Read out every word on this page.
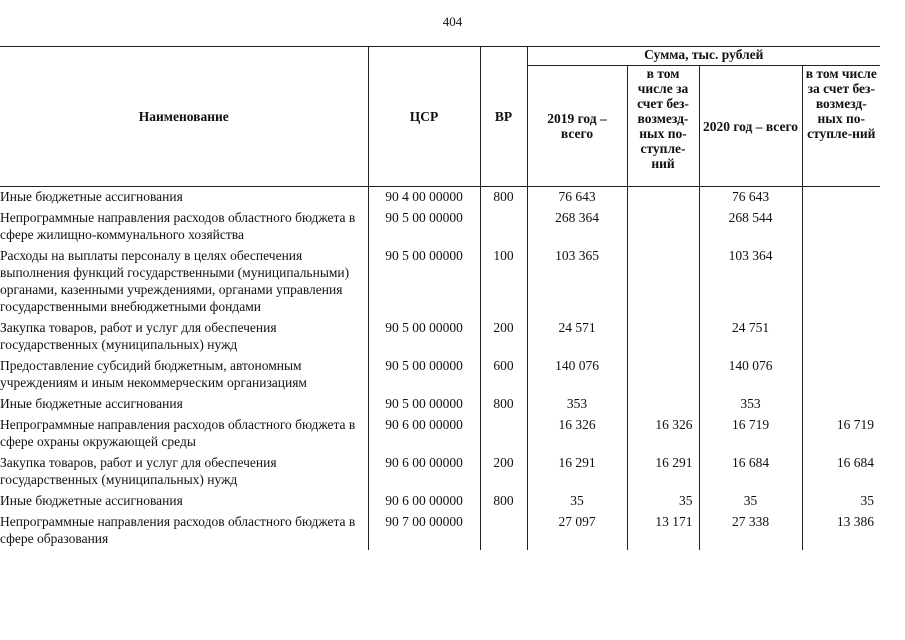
404
Наименование	ЦСР	ВР	Сумма, тыс. рублей			
			2019 год – всего	в том числе за счет без-возмезд-ных по-ступле-ний	2020 год – всего	в том числе за счет без-возмезд-ных по-ступле-ний
Иные бюджетные ассигнования	90 4 00 00000	800	76 643		76 643	
Непрограммные направления расходов областного бюджета в сфере жилищно-коммунального хозяйства	90 5 00 00000		268 364		268 544	
Расходы на выплаты персоналу в целях обеспечения выполнения функций государственными (муниципальными) органами, казенными учреждениями, органами управления государственными внебюджетными фондами	90 5 00 00000	100	103 365		103 364	
Закупка товаров, работ и услуг для обеспечения государственных (муниципальных) нужд	90 5 00 00000	200	24 571		24 751	
Предоставление субсидий бюджетным, автономным учреждениям и иным некоммерческим организациям	90 5 00 00000	600	140 076		140 076	
Иные бюджетные ассигнования	90 5 00 00000	800	353		353	
Непрограммные направления расходов областного бюджета в сфере охраны окружающей среды	90 6 00 00000		16 326	16 326	16 719	16 719
Закупка товаров, работ и услуг для обеспечения государственных (муниципальных) нужд	90 6 00 00000	200	16 291	16 291	16 684	16 684
Иные бюджетные ассигнования	90 6 00 00000	800	35	35	35	35
Непрограммные направления расходов областного бюджета в сфере образования	90 7 00 00000		27 097	13 171	27 338	13 386
